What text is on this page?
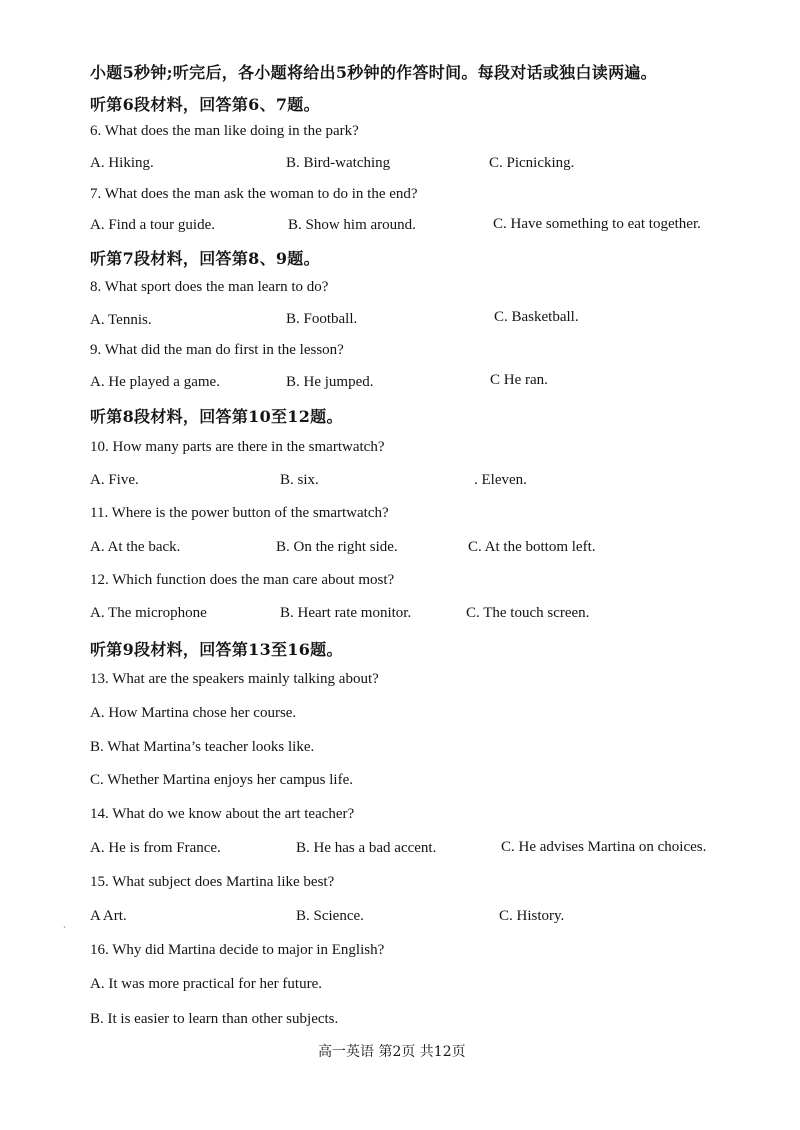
小题5秒钟;听完后，各小题将给出5秒钟的作答时间。每段对话或独白读两遍。
听第6段材料，回答第6、7题。
6. What does the man like doing in the park?
A. Hiking.	B. Bird-watching	C. Picnicking.
7. What does the man ask the woman to do in the end?
A. Find a tour guide.	B. Show him around.	C. Have something to eat together.
听第7段材料，回答第8、9题。
8. What sport does the man learn to do?
A. Tennis.	B. Football.	C. Basketball.
9. What did the man do first in the lesson?
A. He played a game.	B. He jumped.	C He ran.
听第8段材料，回答第10至12题。
10. How many parts are there in the smartwatch?
A. Five.	B. six.	. Eleven.
11. Where is the power button of the smartwatch?
A. At the back.	B. On the right side.	C. At the bottom left.
12. Which function does the man care about most?
A. The microphone	B. Heart rate monitor.	C. The touch screen.
听第9段材料，回答第13至16题。
13. What are the speakers mainly talking about?
A. How Martina chose her course.
B. What Martina’s teacher looks like.
C. Whether Martina enjoys her campus life.
14. What do we know about the art teacher?
A. He is from France.	B. He has a bad accent.	C. He advises Martina on choices.
15. What subject does Martina like best?
ˎ A Art.	B. Science.	C. History.
16. Why did Martina decide to major in English?
A. It was more practical for her future.
B. It is easier to learn than other subjects.
高一英语 第2页 共12页
